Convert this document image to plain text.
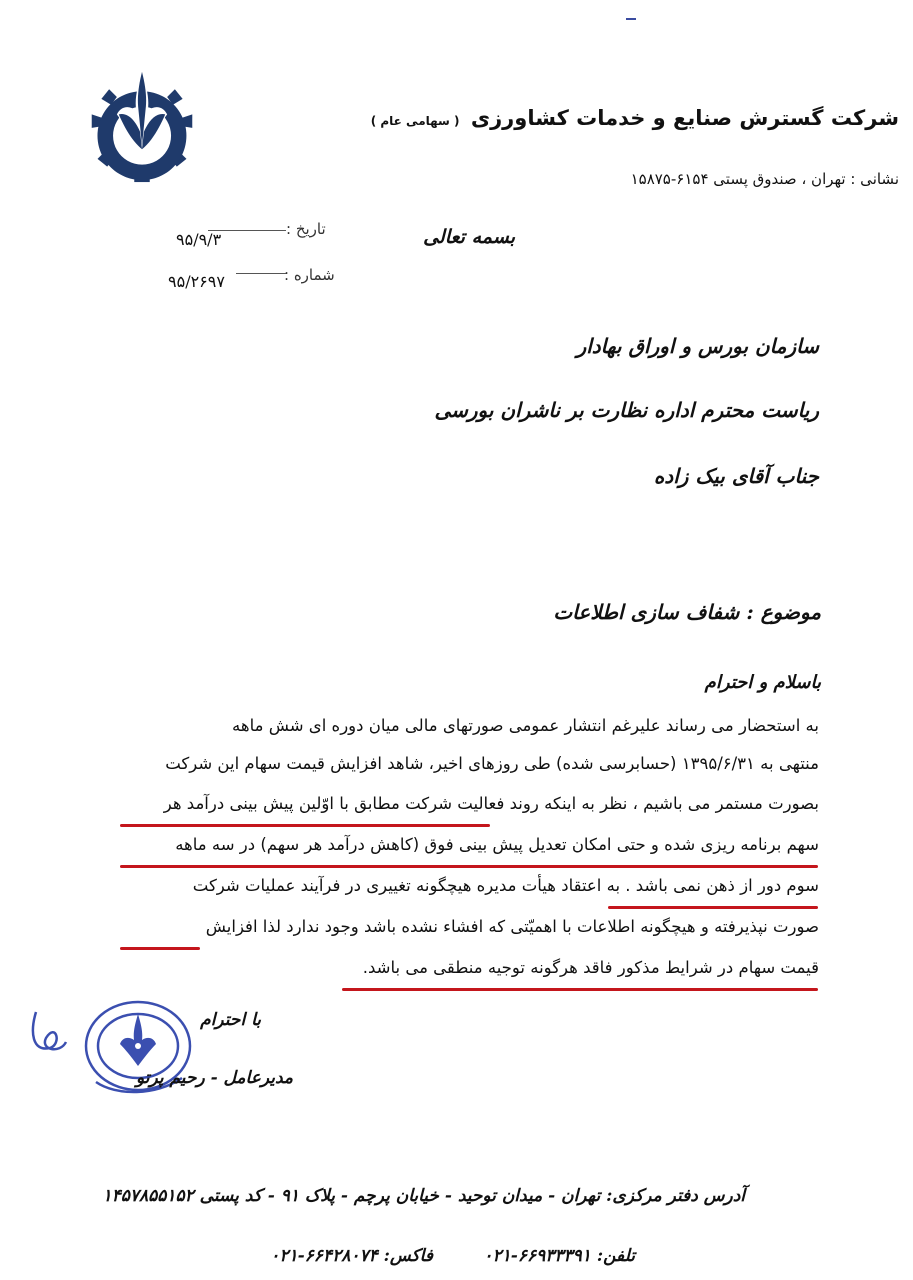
شرکت گسترش صنایع و خدمات کشاورزی ( سهامی عام )
نشانی : تهران ، صندوق پستی ۶۱۵۴-۱۵۸۷۵
تاریخ :
۹۵/۹/۳
شماره :
۹۵/۲۶۹۷
بسمه تعالی
سازمان بورس و اوراق بهادار
ریاست محترم اداره نظارت بر ناشران بورسی
جناب آقای بیک زاده
موضوع : شفاف سازی اطلاعات
باسلام و احترام
به استحضار می رساند علیرغم انتشار عمومی صورتهای مالی میان دوره ای شش ماهه
منتهی به ۱۳۹۵/۶/۳۱ (حسابرسی شده) طی روزهای اخیر، شاهد افزایش قیمت سهام این شرکت
بصورت مستمر می باشیم ، نظر به اینکه روند فعالیت شرکت مطابق با اوّلین پیش بینی درآمد هر
سهم برنامه ریزی شده و حتی امکان تعدیل پیش بینی فوق (کاهش درآمد هر سهم) در سه ماهه
سوم دور از ذهن نمی باشد . به اعتقاد هیأت مدیره هیچگونه تغییری در فرآیند عملیات شرکت
صورت نپذیرفته و هیچگونه اطلاعات با اهمیّتی که افشاء نشده باشد وجود ندارد لذا افزایش
قیمت سهام در شرایط مذکور فاقد هرگونه توجیه منطقی می باشد.
با احترام
مدیرعامل - رحیم پرتو
آدرس دفتر مرکزی: تهران - میدان توحید - خیابان پرچم - پلاک ۹۱ - کد پستی ۱۴۵۷۸۵۵۱۵۲
تلفن: ۶۶۹۳۳۳۹۱-۰۲۱
فاکس: ۶۶۴۲۸۰۷۴-۰۲۱
